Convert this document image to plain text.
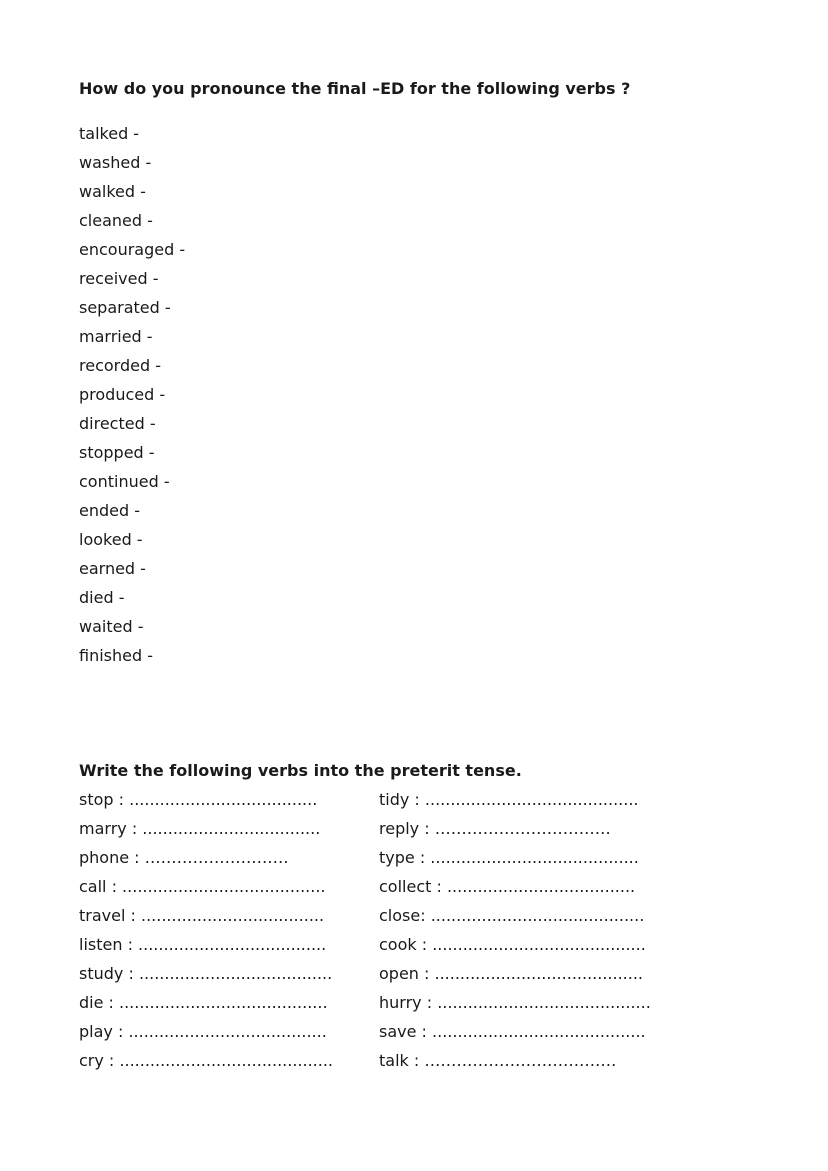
How do you pronounce the final –ED for the following verbs ?
talked -
washed -
walked -
cleaned -
encouraged -
received -
separated -
married -
recorded -
produced -
directed -
stopped -
continued -
ended -
looked -
earned -
died -
waited -
finished -
Write the following verbs into the preterit tense.
stop : .....................................
marry : ...................................
phone : ………………………
call : ........................................
travel : ....................................
listen : .....................................
study : ......................................
die : .........................................
play : .......................................
cry : ..........................................
tidy : ..........................................
reply : ……………………………
type : .........................................
collect : .....................................
close: ..........................................
cook : ..........................................
open : .........................................
hurry : ..........................................
save : ..........................................
talk : ………………………………
